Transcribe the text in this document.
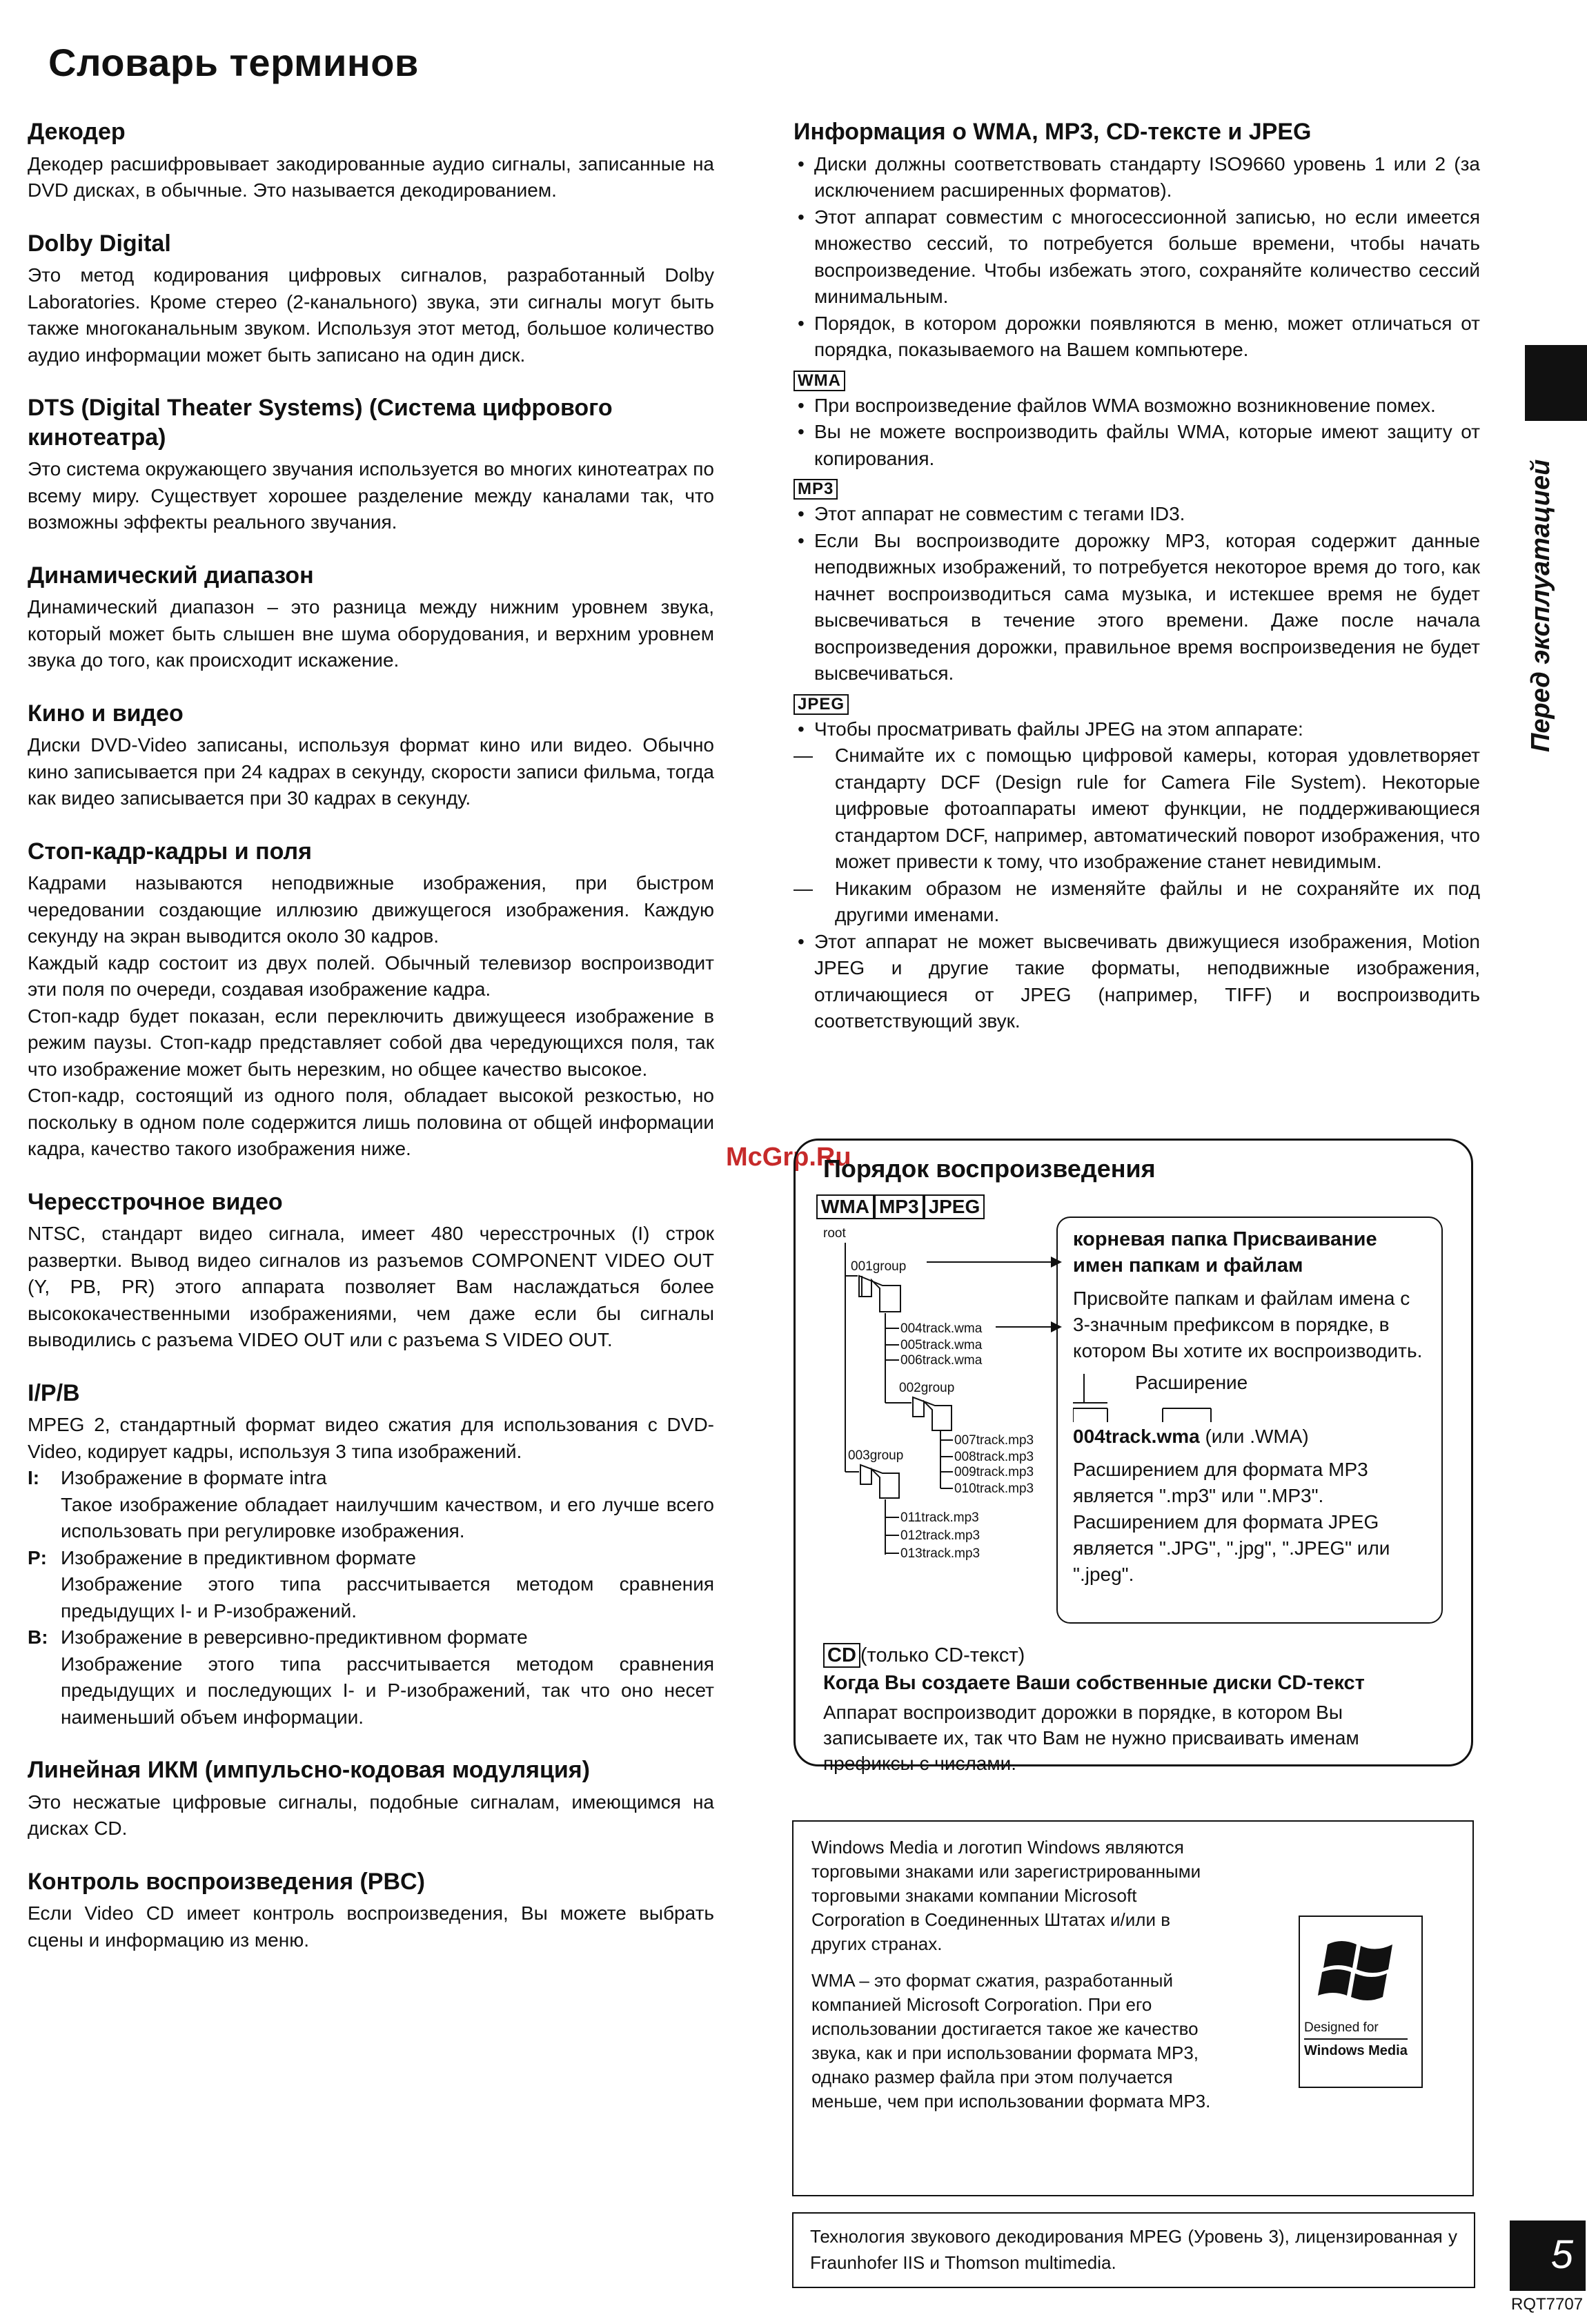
Словарь терминов
Перед эксплуатацией
Декодер

Декодер расшифровывает закодированные аудио сигналы, записанные на DVD дисках, в обычные. Это называется декодированием.

Dolby Digital

Это метод кодирования цифровых сигналов, разработанный Dolby Laboratories. Кроме стерео (2-канального) звука, эти сигналы могут быть также многоканальным звуком. Используя этот метод, большое количество аудио информации может быть записано на один диск.

DTS (Digital Theater Systems) (Система цифрового кинотеатра)

Это система окружающего звучания используется во многих кинотеатрах по всему миру. Существует хорошее разделение между каналами так, что возможны эффекты реального звучания.

Динамический диапазон

Динамический диапазон – это разница между нижним уровнем звука, который может быть слышен вне шума оборудования, и верхним уровнем звука до того, как происходит искажение.

Кино и видео

Диски DVD-Video записаны, используя формат кино или видео. Обычно кино записывается при 24 кадрах в секунду, скорости записи фильма, тогда как видео записывается при 30 кадрах в секунду.

Стоп-кадр-кадры и поля

Кадрами называются неподвижные изображения, при быстром чередовании создающие иллюзию движущегося изображения. Каждую секунду на экран выводится около 30 кадров.

Каждый кадр состоит из двух полей. Обычный телевизор воспроизводит эти поля по очереди, создавая изображение кадра.

Стоп-кадр будет показан, если переключить движущееся изображение в режим паузы. Стоп-кадр представляет собой два чередующихся поля, так что изображение может быть нерезким, но общее качество высокое.

Стоп-кадр, состоящий из одного поля, обладает высокой резкостью, но поскольку в одном поле содержится лишь половина от общей информации кадра, качество такого изображения ниже.

Чересстрочное видео

NTSC, стандарт видео сигнала, имеет 480 чересстрочных (I) строк развертки. Вывод видео сигналов из разъемов COMPONENT VIDEO OUT (Y, PB, PR) этого аппарата позволяет Вам наслаждаться более высококачественными изображениями, чем даже если бы сигналы выводились с разъема VIDEO OUT или с разъема S VIDEO OUT.

I/P/B

MPEG 2, стандартный формат видео сжатия для использования с DVD-Video, кодирует кадры, используя 3 типа изображений.

I:	Изображение в формате intra
Такое изображение обладает наилучшим качеством, и его лучше всего использовать при регулировке изображения.
P: Изображение в предиктивном формате
Изображение этого типа рассчитывается методом сравнения предыдущих I- и P-изображений.
B: Изображение в реверсивно-предиктивном формате
Изображение этого типа рассчитывается методом сравнения предыдущих и последующих I- и P-изображений, так что оно несет наименьший объем информации.
Линейная ИКМ (импульсно-кодовая модуляция)

Это несжатые цифровые сигналы, подобные сигналам, имеющимся на дисках CD.

Контроль воспроизведения (PBC)

Если Video CD имеет контроль воспроизведения, Вы можете выбрать сцены и информацию из меню.

Информация о WMA, MP3, CD-тексте и JPEG
• Диски должны соответствовать стандарту ISO9660 уровень 1 или 2 (за исключением расширенных форматов).
• Этот аппарат совместим с многосессионной записью, но если имеется множество сессий, то потребуется больше времени, чтобы начать воспроизведение. Чтобы избежать этого, сохраняйте количество сессий минимальным.
• Порядок, в котором дорожки появляются в меню, может отличаться от порядка, показываемого на Вашем компьютере.
WMA
• При воспроизведение файлов WMA возможно возникновение помех.
• Вы не можете воспроизводить файлы WMA, которые имеют защиту от копирования.
MP3
• Этот аппарат не совместим с тегами ID3.
• Если Вы воспроизводите дорожку MP3, которая содержит данные неподвижных изображений, то потребуется некоторое время до того, как начнет воспроизводиться сама музыка, и истекшее время не будет высвечиваться в течение этого времени. Даже после начала воспроизведения дорожки, правильное время воспроизведения не будет высвечиваться.
JPEG
• Чтобы просматривать файлы JPEG на этом аппарате:
— Снимайте их с помощью цифровой камеры, которая удовлетворяет стандарту DCF (Design rule for Camera File System). Некоторые цифровые фотоаппараты имеют функции, не поддерживающиеся стандартом DCF, например, автоматический поворот изображения, что может привести к тому, что изображение станет невидимым.
— Никаким образом не изменяйте файлы и не сохраняйте их под другими именами.
• Этот аппарат не может высвечивать движущиеся изображения, Motion JPEG и другие такие форматы, неподвижные изображения, отличающиеся от JPEG (например, TIFF) и воспроизводить соответствующий звук.
McGrp.Ru
Порядок воспроизведения
WMA MP3 JPEG
root
001group
004track.wma
005track.wma
006track.wma
002group
007track.mp3
008track.mp3
009track.mp3
010track.mp3
003group
011track.mp3
012track.mp3
013track.mp3
корневая папка Присваивание имен папкам и файлам
Присвойте папкам и файлам имена с 3-значным префиксом в порядке, в котором Вы хотите их воспроизводить.
Расширение
004track.wma (или .WMA)
Расширением для формата MP3 является ".mp3" или ".MP3".
Расширением для формата JPEG является ".JPG", ".jpg", ".JPEG" или ".jpeg".
CD (только CD-текст)
Когда Вы создаете Ваши собственные диски CD-текст
Аппарат воспроизводит дорожки в порядке, в котором Вы записываете их, так что Вам не нужно присваивать именам префиксы с числами.
Windows Media и логотип Windows являются торговыми знаками или зарегистрированными торговыми знаками компании Microsoft Corporation в Соединенных Штатах и/или в других странах.
WMA – это формат сжатия, разработанный компанией Microsoft Corporation. При его использовании достигается такое же качество звука, как и при использовании формата MP3, однако размер файла при этом получается меньше, чем при использовании формата MP3.
Designed for
Windows Media
Технология звукового декодирования MPEG (Уровень 3), лицензированная у Fraunhofer IIS и Thomson multimedia.	5
RQT7707
